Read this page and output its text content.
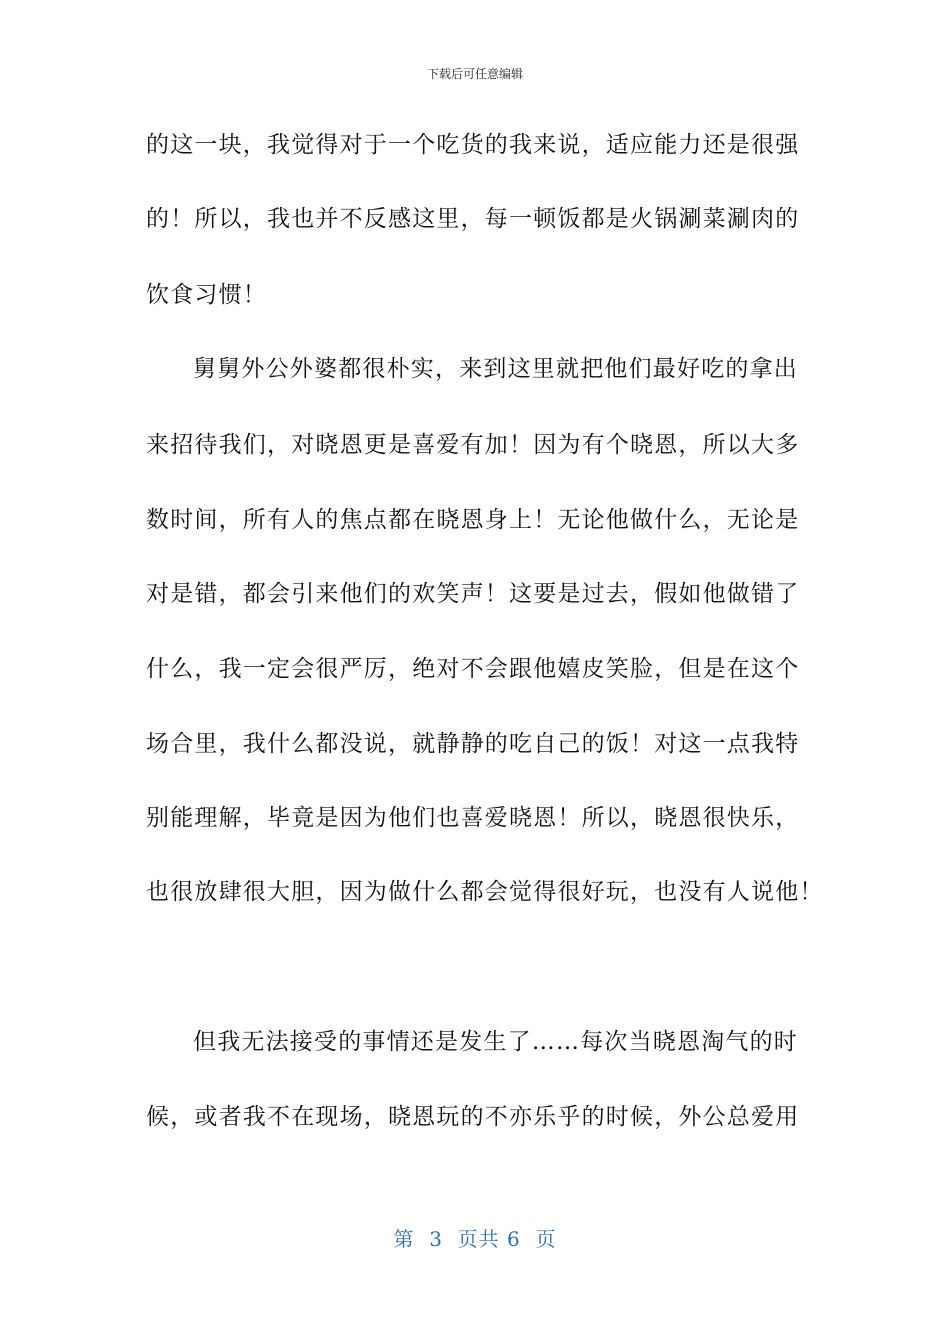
下载后可任意编辑
的这一块，我觉得对于一个吃货的我来说，适应能力还是很强
的！所以，我也并不反感这里，每一顿饭都是火锅涮菜涮肉的
饮食习惯！
舅舅外公外婆都很朴实，来到这里就把他们最好吃的拿出
来招待我们，对晓恩更是喜爱有加！因为有个晓恩，所以大多
数时间，所有人的焦点都在晓恩身上！无论他做什么，无论是
对是错，都会引来他们的欢笑声！这要是过去，假如他做错了
什么，我一定会很严厉，绝对不会跟他嬉皮笑脸，但是在这个
场合里，我什么都没说，就静静的吃自己的饭！对这一点我特
别能理解，毕竟是因为他们也喜爱晓恩！所以，晓恩很快乐，
也很放肆很大胆，因为做什么都会觉得很好玩，也没有人说他！
但我无法接受的事情还是发生了……每次当晓恩淘气的时
候，或者我不在现场，晓恩玩的不亦乐乎的时候，外公总爱用
第  3  页共 6  页
